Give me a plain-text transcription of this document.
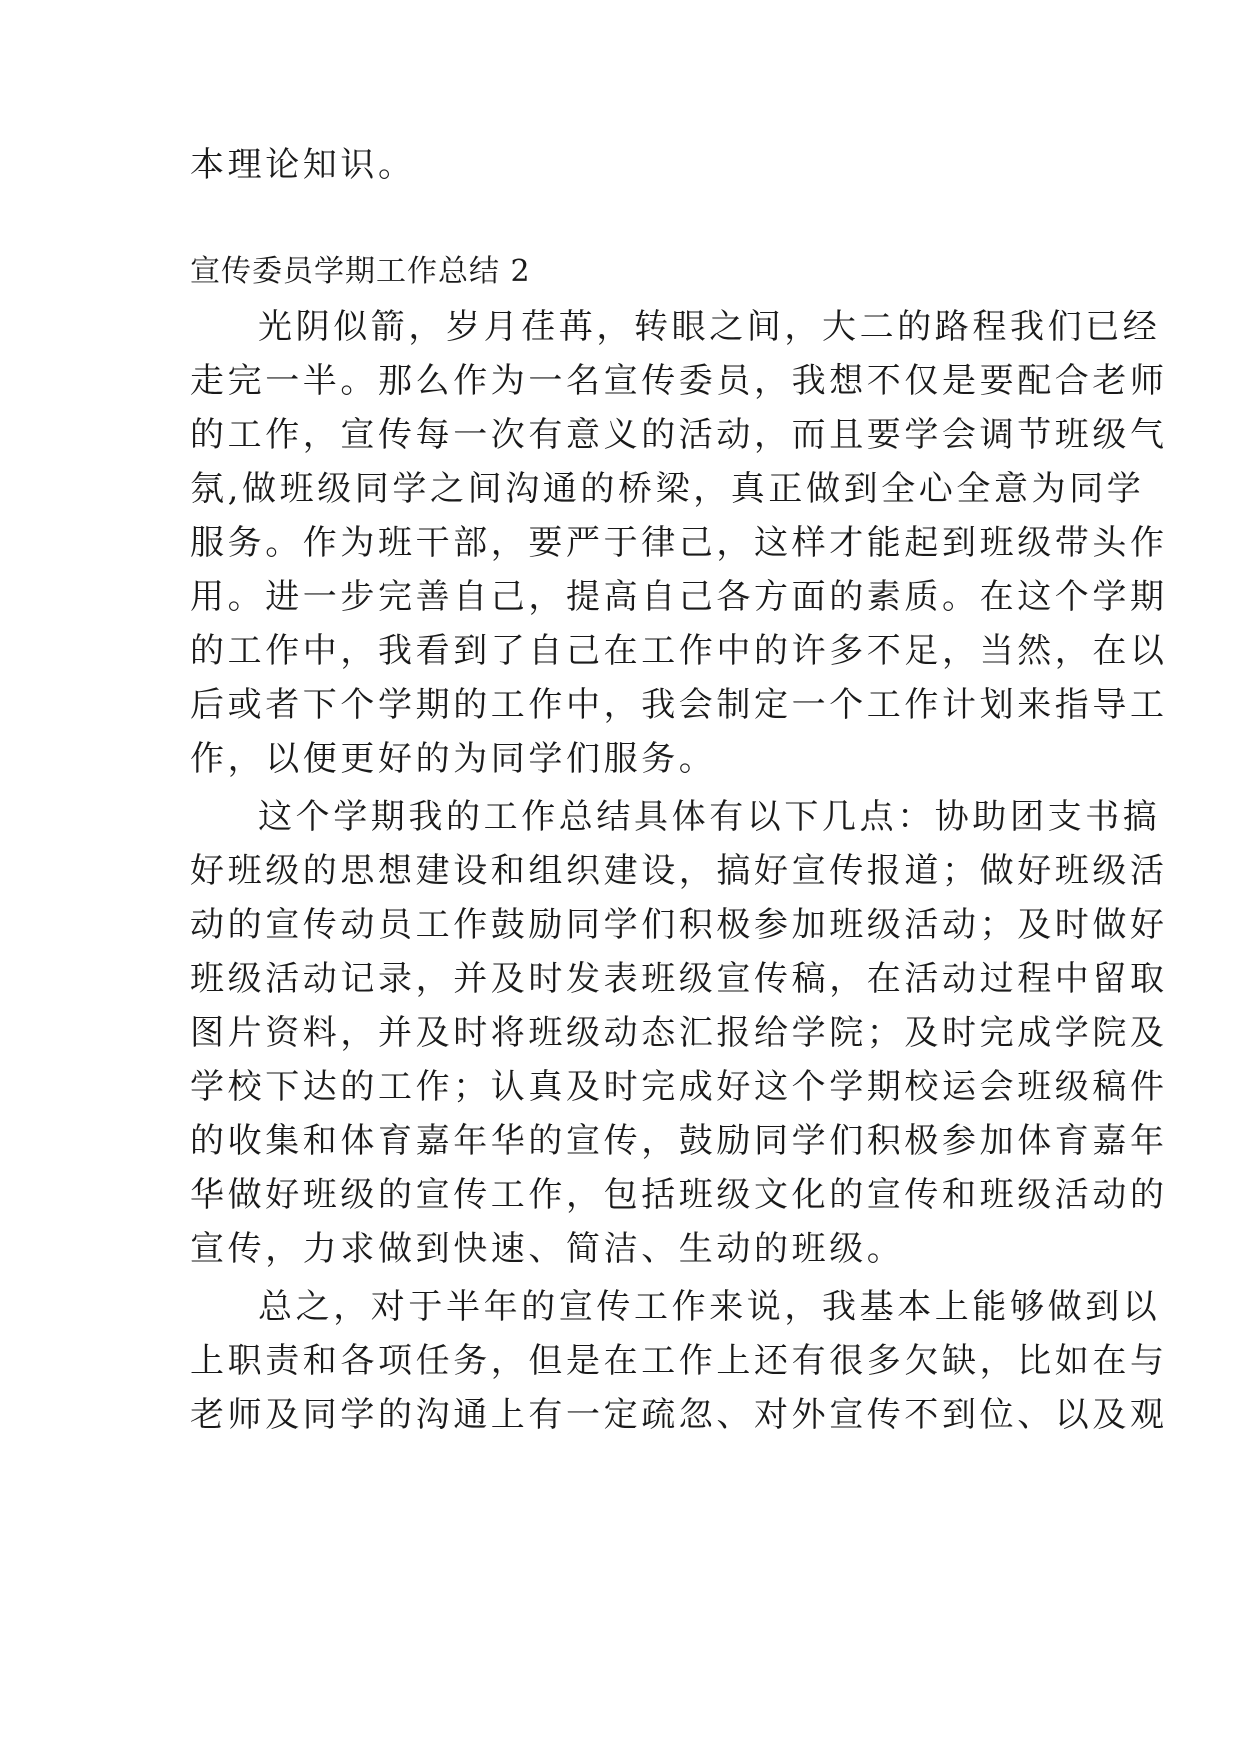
本理论知识。
宣传委员学期工作总结 2
光阴似箭，岁月荏苒，转眼之间，大二的路程我们已经
走完一半。那么作为一名宣传委员，我想不仅是要配合老师
的工作，宣传每一次有意义的活动，而且要学会调节班级气
氛,做班级同学之间沟通的桥梁，真正做到全心全意为同学
服务。作为班干部，要严于律己，这样才能起到班级带头作
用。进一步完善自己，提高自己各方面的素质。在这个学期
的工作中，我看到了自己在工作中的许多不足，当然，在以
后或者下个学期的工作中，我会制定一个工作计划来指导工
作，以便更好的为同学们服务。
这个学期我的工作总结具体有以下几点：协助团支书搞
好班级的思想建设和组织建设，搞好宣传报道；做好班级活
动的宣传动员工作鼓励同学们积极参加班级活动；及时做好
班级活动记录，并及时发表班级宣传稿，在活动过程中留取
图片资料，并及时将班级动态汇报给学院；及时完成学院及
学校下达的工作；认真及时完成好这个学期校运会班级稿件
的收集和体育嘉年华的宣传，鼓励同学们积极参加体育嘉年
华做好班级的宣传工作，包括班级文化的宣传和班级活动的
宣传，力求做到快速、简洁、生动的班级。
总之，对于半年的宣传工作来说，我基本上能够做到以
上职责和各项任务，但是在工作上还有很多欠缺，比如在与
老师及同学的沟通上有一定疏忽、对外宣传不到位、以及观
